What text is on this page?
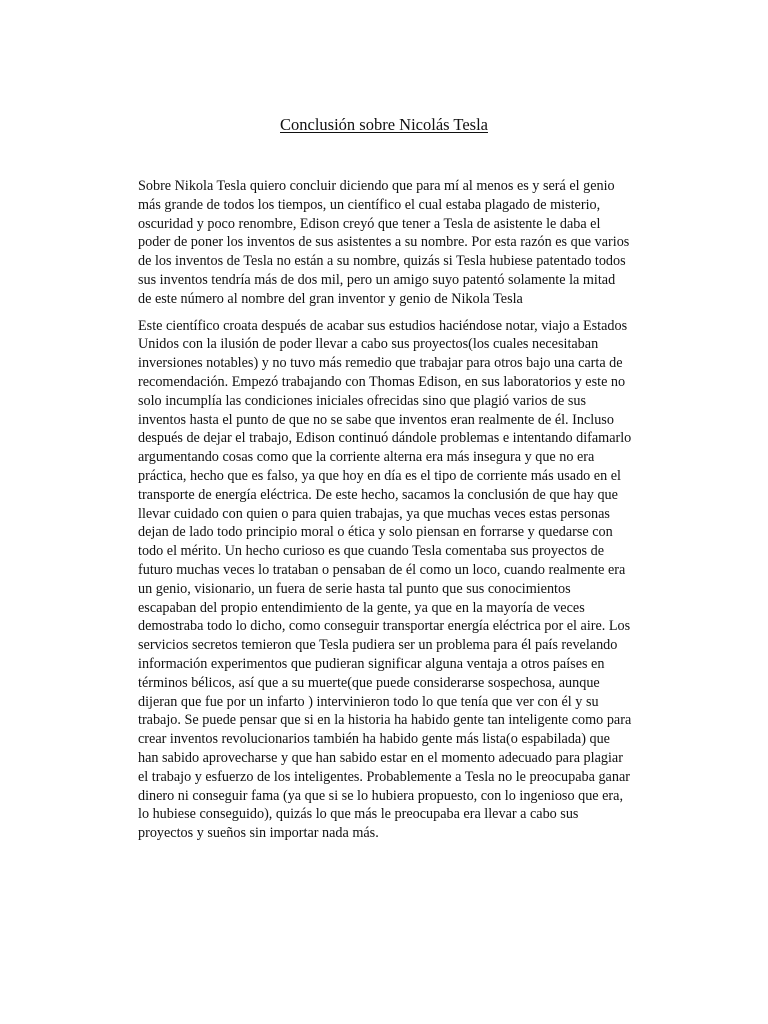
Conclusión sobre Nicolás Tesla

Sobre Nikola Tesla quiero concluir diciendo que para mí al menos es y será el genio más grande de todos los tiempos, un científico el cual estaba plagado de misterio, oscuridad y poco renombre, Edison creyó que tener a Tesla de asistente le daba el poder de poner los inventos de sus asistentes a su nombre. Por esta razón es que varios de los inventos de Tesla no están a su nombre, quizás si Tesla hubiese patentado todos sus inventos tendría más de dos mil, pero un amigo suyo patentó solamente la mitad de este número al nombre del gran inventor y genio de Nikola Tesla

Este científico croata después de acabar sus estudios haciéndose notar, viajo a Estados Unidos con la ilusión de poder llevar a cabo sus proyectos(los cuales necesitaban inversiones notables) y no tuvo más remedio que trabajar para otros bajo una carta de recomendación. Empezó trabajando con Thomas Edison, en sus laboratorios y este no solo incumplía las condiciones iniciales ofrecidas sino que plagió varios de sus inventos hasta el punto de que no se sabe que inventos eran realmente de él. Incluso después de dejar el trabajo, Edison continuó dándole problemas e intentando difamarlo argumentando cosas como que la corriente alterna era más insegura y que no era práctica, hecho que es falso, ya que hoy en día es el tipo de corriente más usado en el transporte de energía eléctrica. De este hecho, sacamos la conclusión de que hay que llevar cuidado con quien o para quien trabajas, ya que muchas veces estas personas dejan de lado todo principio moral o ética y solo piensan en forrarse y quedarse con todo el mérito. Un hecho curioso es que cuando Tesla comentaba sus proyectos de futuro muchas veces lo trataban o pensaban de él como un loco, cuando realmente era un genio, visionario, un fuera de serie hasta tal punto que sus conocimientos escapaban del propio entendimiento de la gente, ya que en la mayoría de veces demostraba todo lo dicho, como conseguir transportar energía eléctrica por el aire. Los servicios secretos temieron que Tesla pudiera ser un problema para él país revelando información experimentos que pudieran significar alguna ventaja a otros países en términos bélicos, así que a su muerte(que puede considerarse sospechosa, aunque dijeran que fue por un infarto ) intervinieron todo lo que tenía que ver con él y su trabajo. Se puede pensar que si en la historia ha habido gente tan inteligente como para crear inventos revolucionarios también ha habido gente más lista(o espabilada) que han sabido aprovecharse y que han sabido estar en el momento adecuado para plagiar el trabajo y esfuerzo de los inteligentes. Probablemente a Tesla no le preocupaba ganar dinero ni conseguir fama (ya que si se lo hubiera propuesto, con lo ingenioso que era, lo hubiese conseguido), quizás lo que más le preocupaba era llevar a cabo sus proyectos y sueños sin importar nada más.
